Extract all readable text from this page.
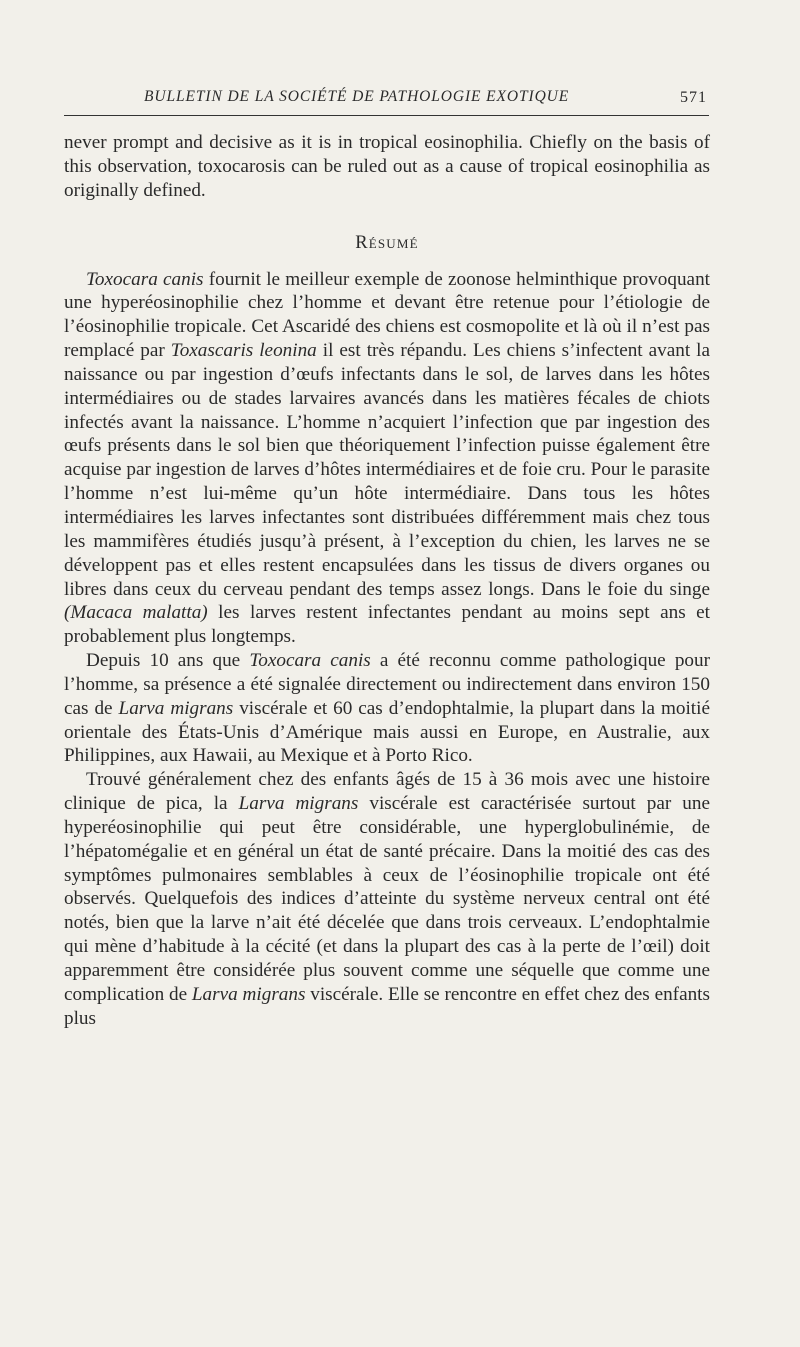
BULLETIN DE LA SOCIÉTÉ DE PATHOLOGIE EXOTIQUE	571

never prompt and decisive as it is in tropical eosinophilia. Chiefly on the basis of this observation, toxocarosis can be ruled out as a cause of tropical eosinophilia as originally defined.

Résumé

Toxocara canis fournit le meilleur exemple de zoonose helminthique provoquant une hyperéosinophilie chez l’homme et devant être retenue pour l’étiologie de l’éosinophilie tropicale. Cet Ascaridé des chiens est cosmopolite et là où il n’est pas remplacé par Toxascaris leonina il est très répandu. Les chiens s’infectent avant la naissance ou par ingestion d’œufs infectants dans le sol, de larves dans les hôtes intermédiaires ou de stades larvaires avancés dans les matières fécales de chiots infectés avant la naissance. L’homme n’acquiert l’infection que par ingestion des œufs présents dans le sol bien que théoriquement l’infection puisse également être acquise par ingestion de larves d’hôtes intermédiaires et de foie cru. Pour le parasite l’homme n’est lui-même qu’un hôte intermédiaire. Dans tous les hôtes intermédiaires les larves infectantes sont distribuées différemment mais chez tous les mammifères étudiés jusqu’à présent, à l’exception du chien, les larves ne se développent pas et elles restent encapsulées dans les tissus de divers organes ou libres dans ceux du cerveau pendant des temps assez longs. Dans le foie du singe (Macaca malatta) les larves restent infectantes pendant au moins sept ans et probablement plus longtemps.

Depuis 10 ans que Toxocara canis a été reconnu comme pathologique pour l’homme, sa présence a été signalée directement ou indirectement dans environ 150 cas de Larva migrans viscérale et 60 cas d’endophtalmie, la plupart dans la moitié orientale des États-Unis d’Amérique mais aussi en Europe, en Australie, aux Philippines, aux Hawaii, au Mexique et à Porto Rico.

Trouvé généralement chez des enfants âgés de 15 à 36 mois avec une histoire clinique de pica, la Larva migrans viscérale est caractérisée surtout par une hyperéosinophilie qui peut être considérable, une hyperglobulinémie, de l’hépatomégalie et en général un état de santé précaire. Dans la moitié des cas des symptômes pulmonaires semblables à ceux de l’éosinophilie tropicale ont été observés. Quelquefois des indices d’atteinte du système nerveux central ont été notés, bien que la larve n’ait été décelée que dans trois cerveaux. L’endophtalmie qui mène d’habitude à la cécité (et dans la plupart des cas à la perte de l’œil) doit apparemment être considérée plus souvent comme une séquelle que comme une complication de Larva migrans viscérale. Elle se rencontre en effet chez des enfants plus
